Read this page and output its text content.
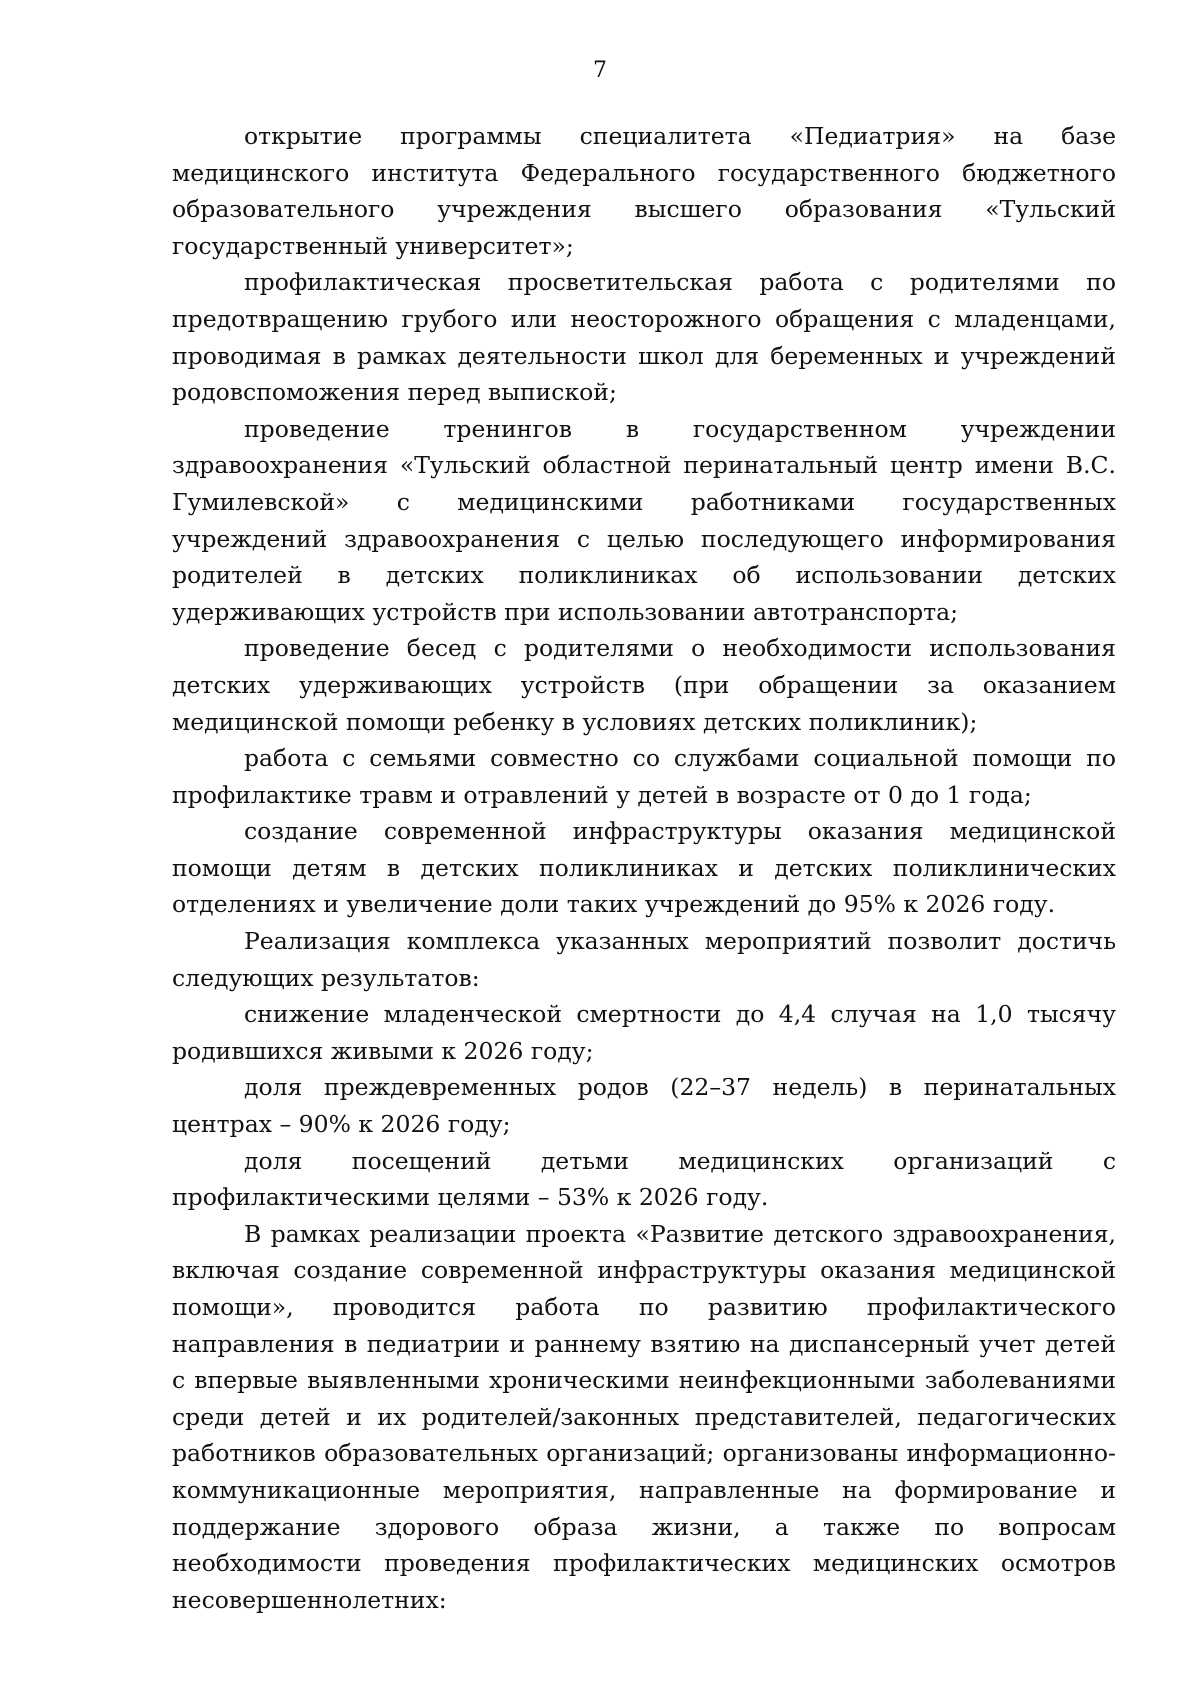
7

открытие программы специалитета «Педиатрия» на базе медицинского института Федерального государственного бюджетного образовательного учреждения высшего образования «Тульский государственный университет»;

профилактическая просветительская работа с родителями по предотвращению грубого или неосторожного обращения с младенцами, проводимая в рамках деятельности школ для беременных и учреждений родовспоможения перед выпиской;

проведение тренингов в государственном учреждении здравоохранения «Тульский областной перинатальный центр имени В.С. Гумилевской» с медицинскими работниками государственных учреждений здравоохранения с целью последующего информирования родителей в детских поликлиниках об использовании детских удерживающих устройств при использовании автотранспорта;

проведение бесед с родителями о необходимости использования детских удерживающих устройств (при обращении за оказанием медицинской помощи ребенку в условиях детских поликлиник);

работа с семьями совместно со службами социальной помощи по профилактике травм и отравлений у детей в возрасте от 0 до 1 года;

создание современной инфраструктуры оказания медицинской помощи детям в детских поликлиниках и детских поликлинических отделениях и увеличение доли таких учреждений до 95% к 2026 году.

Реализация комплекса указанных мероприятий позволит достичь следующих результатов:

снижение младенческой смертности до 4,4 случая на 1,0 тысячу родившихся живыми к 2026 году;

доля преждевременных родов (22–37 недель) в перинатальных центрах – 90% к 2026 году;

доля посещений детьми медицинских организаций с профилактическими целями – 53% к 2026 году.

В рамках реализации проекта «Развитие детского здравоохранения, включая создание современной инфраструктуры оказания медицинской помощи», проводится работа по развитию профилактического направления в педиатрии и раннему взятию на диспансерный учет детей с впервые выявленными хроническими неинфекционными заболеваниями среди детей и их родителей/законных представителей, педагогических работников образовательных организаций; организованы информационно-коммуникационные мероприятия, направленные на формирование и поддержание здорового образа жизни, а также по вопросам необходимости проведения профилактических медицинских осмотров несовершеннолетних:
